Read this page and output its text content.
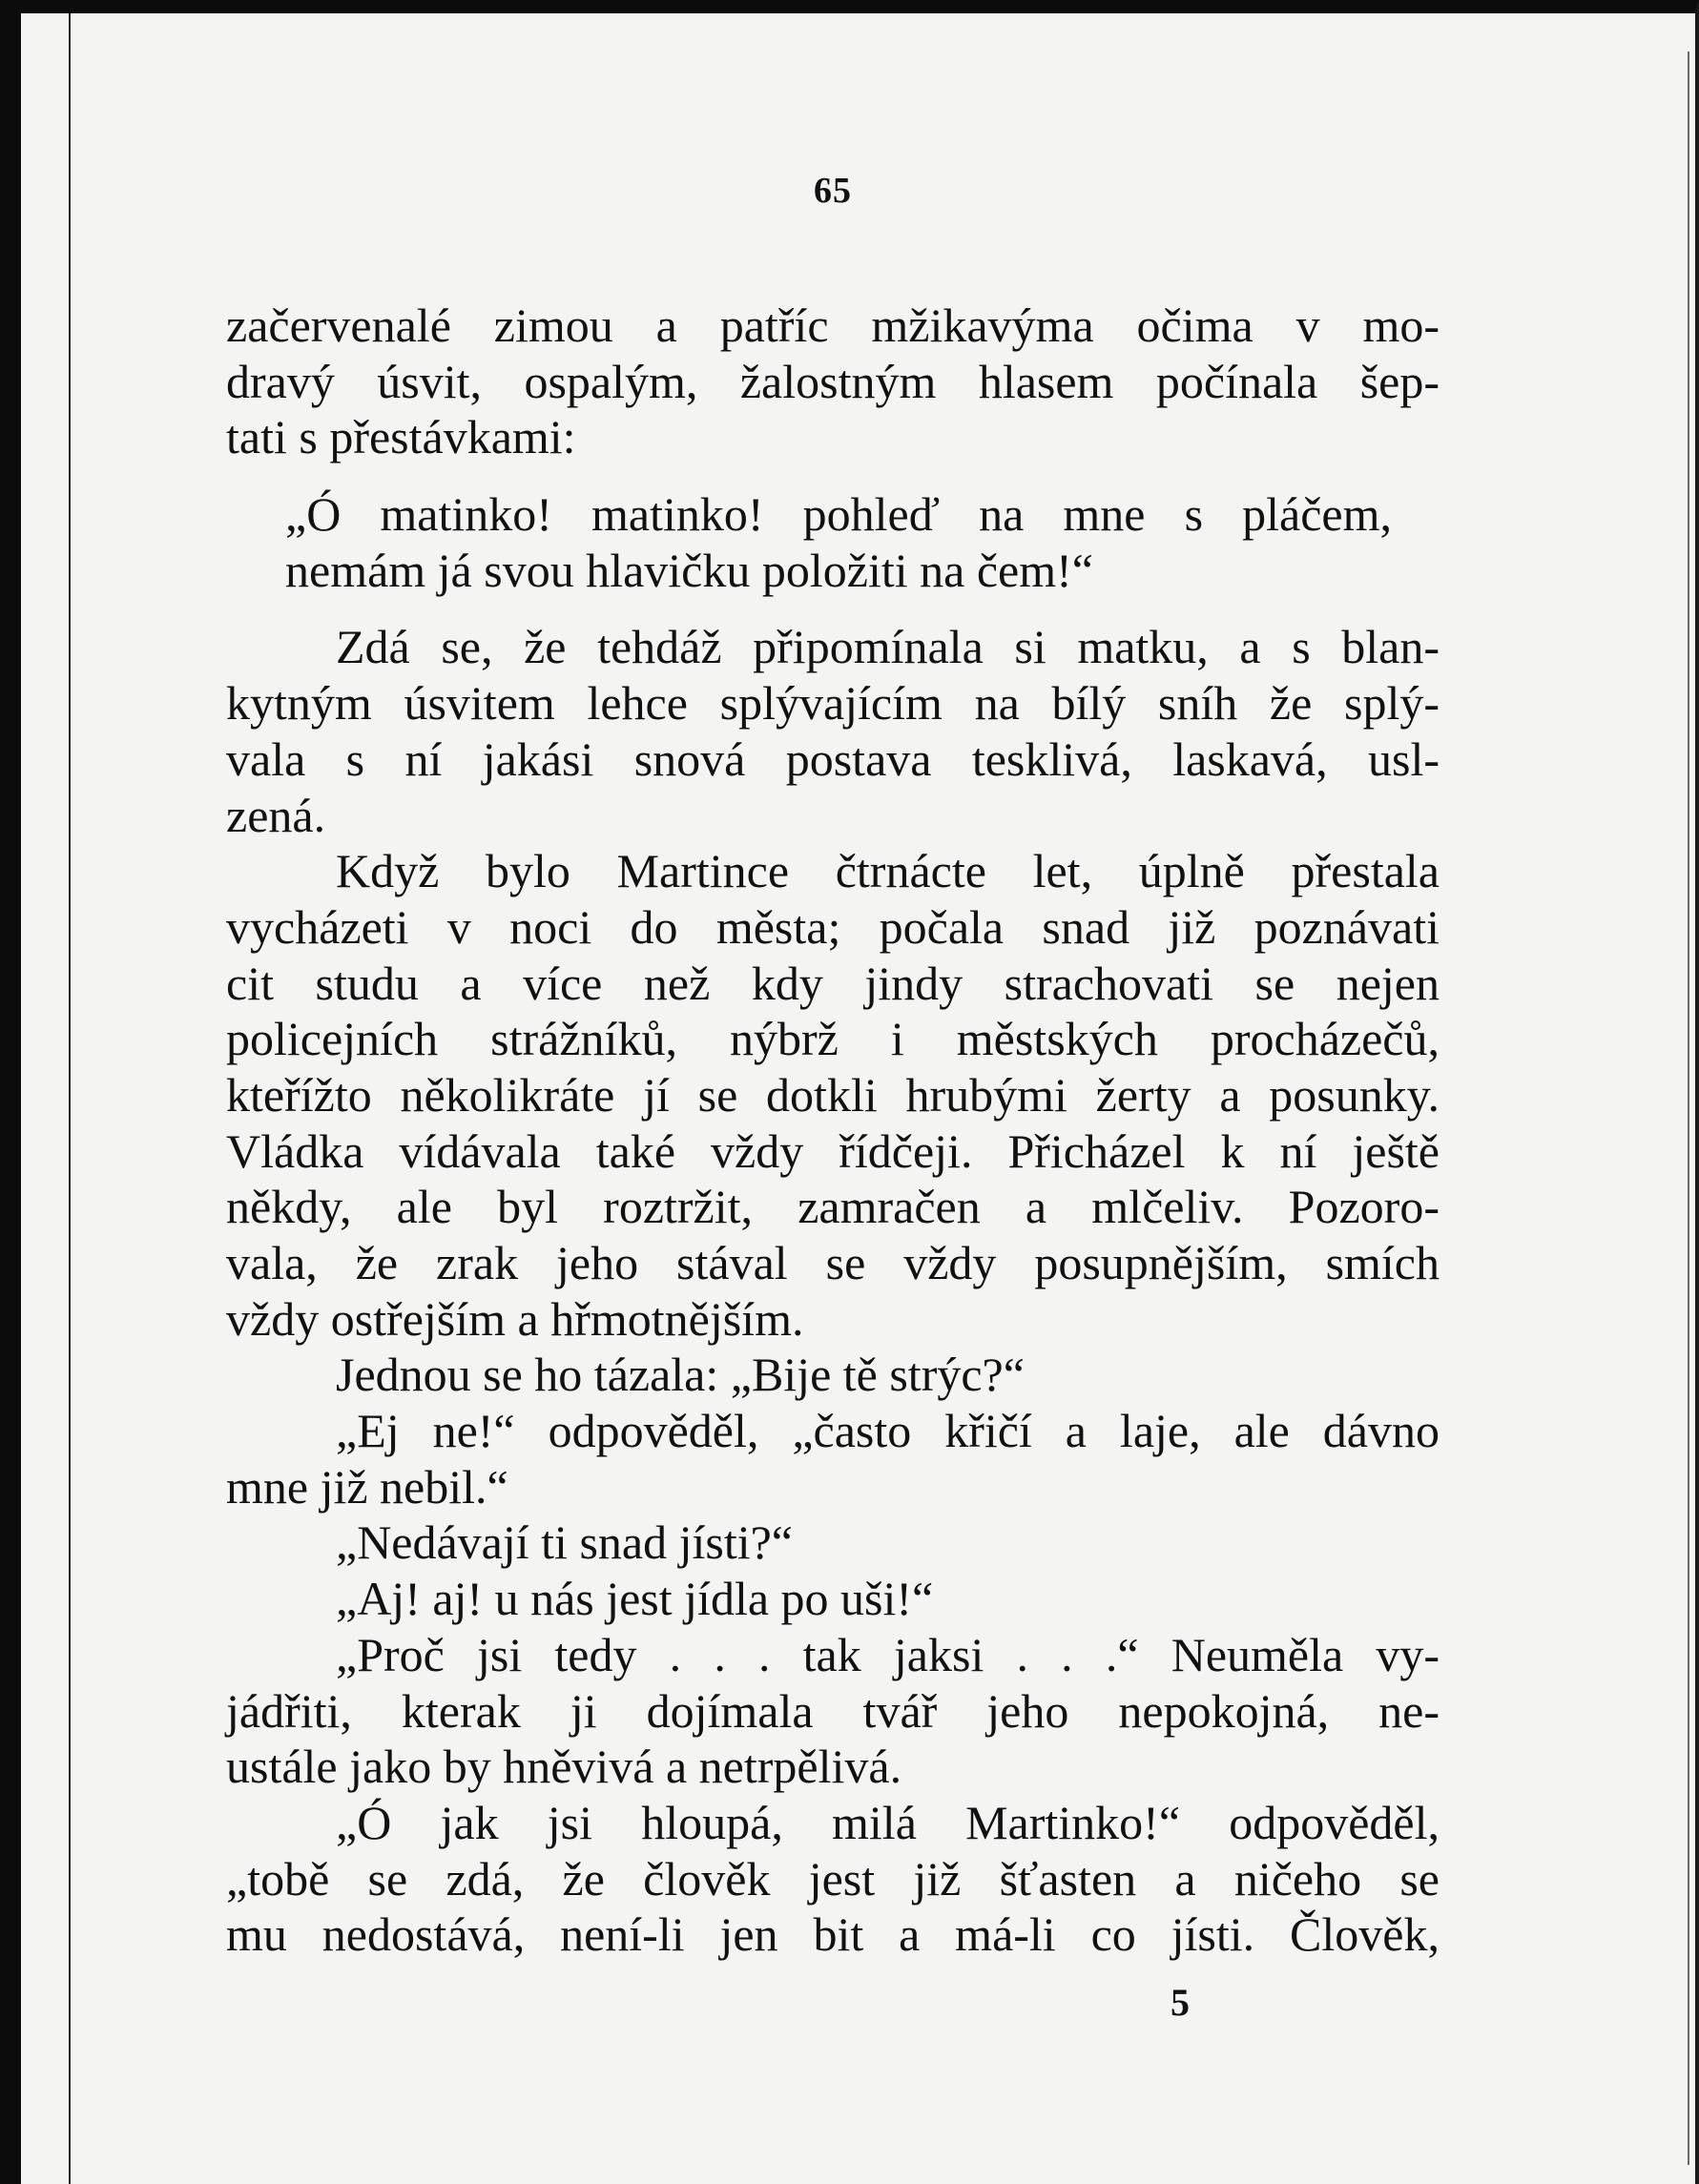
65
začervenalé zimou a patříc mžikavýma očima v mo-
dravý úsvit, ospalým, žalostným hlasem počínala šep-
tati s přestávkami:
„Ó matinko! matinko! pohleď na mne s pláčem,
nemám já svou hlavičku položiti na čem!“
Zdá se, že tehdáž připomínala si matku, a s blan-
kytným úsvitem lehce splývajícím na bílý sníh že splý-
vala s ní jakási snová postava tesklivá, laskavá, usl-
zená.
Když bylo Martince čtrnácte let, úplně přestala
vycházeti v noci do města; počala snad již poznávati
cit studu a více než kdy jindy strachovati se nejen
policejních strážníků, nýbrž i městských procházečů,
kteřížto několikráte jí se dotkli hrubými žerty a posunky.
Vládka vídávala také vždy řídčeji. Přicházel k ní ještě
někdy, ale byl roztržit, zamračen a mlčeliv. Pozoro-
vala, že zrak jeho stával se vždy posupnějším, smích
vždy ostřejším a hřmotnějším.
Jednou se ho tázala: „Bije tě strýc?“
„Ej ne!“ odpověděl, „často křičí a laje, ale dávno
mne již nebil.“
„Nedávají ti snad jísti?“
„Aj! aj! u nás jest jídla po uši!“
„Proč jsi tedy . . . tak jaksi . . .“ Neuměla vy-
jádřiti, kterak ji dojímala tvář jeho nepokojná, ne-
ustále jako by hněvivá a netrpělivá.
„Ó jak jsi hloupá, milá Martinko!“ odpověděl,
„tobě se zdá, že člověk jest již šťasten a ničeho se
mu nedostává, není-li jen bit a má-li co jísti. Člověk,
5
